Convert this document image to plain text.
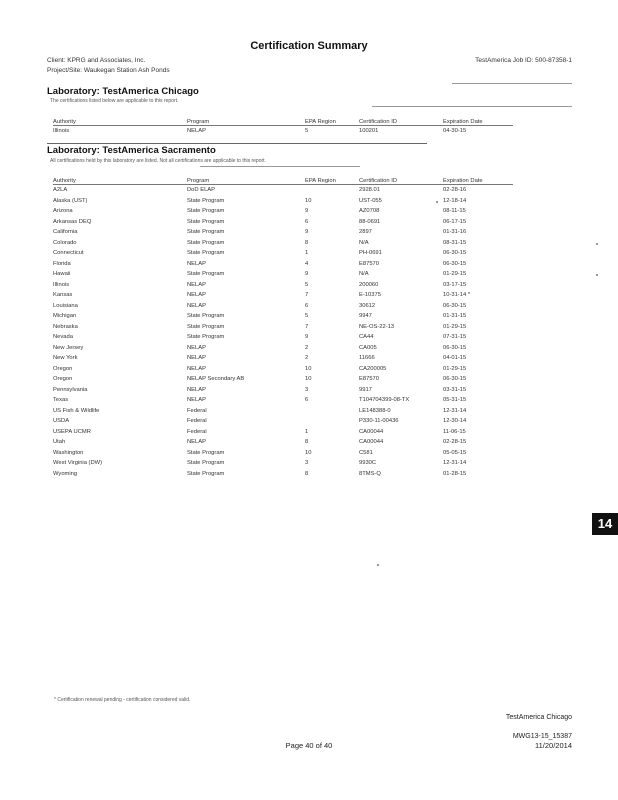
Certification Summary
Client: KPRG and Associates, Inc.
Project/Site: Waukegan Station Ash Ponds
TestAmerica Job ID: 500-87358-1
Laboratory: TestAmerica Chicago
The certifications listed below are applicable to this report.
Authority	Program	EPA Region	Certification ID	Expiration Date
Illinois	NELAP	5	100201	04-30-15
Laboratory: TestAmerica Sacramento
All certifications held by this laboratory are listed. Not all certifications are applicable to this report.
Authority	Program	EPA Region	Certification ID	Expiration Date
A2LA	DoD ELAP		2928.01	02-28-16
Alaska (UST)	State Program	10	UST-055	12-18-14
Arizona	State Program	9	AZ0708	08-11-15
Arkansas DEQ	State Program	6	88-0691	06-17-15
California	State Program	9	2897	01-31-16
Colorado	State Program	8	N/A	08-31-15
Connecticut	State Program	1	PH-0691	06-30-15
Florida	NELAP	4	E87570	06-30-15
Hawaii	State Program	9	N/A	01-29-15
Illinois	NELAP	5	200060	03-17-15
Kansas	NELAP	7	E-10375	10-31-14 *
Louisiana	NELAP	6	30612	06-30-15
Michigan	State Program	5	9947	01-31-15
Nebraska	State Program	7	NE-OS-22-13	01-29-15
Nevada	State Program	9	CA44	07-31-15
New Jersey	NELAP	2	CA005	06-30-15
New York	NELAP	2	11666	04-01-15
Oregon	NELAP	10	CA200005	01-29-15
Oregon	NELAP Secondary AB	10	E87570	06-30-15
Pennsylvania	NELAP	3	9917	03-31-15
Texas	NELAP	6	T104704399-08-TX	05-31-15
US Fish & Wildlife	Federal		LE148388-0	12-31-14
USDA	Federal		P330-11-00436	12-30-14
USEPA UCMR	Federal	1	CA00044	11-06-15
Utah	NELAP	8	CA00044	02-28-15
Washington	State Program	10	C581	05-05-15
West Virginia (DW)	State Program	3	9930C	12-31-14
Wyoming	State Program	8	8TMS-Q	01-28-15
14
* Certification renewal pending - certification considered valid.
TestAmerica Chicago
MWG13-15_15387
Page 40 of 40	11/20/2014
